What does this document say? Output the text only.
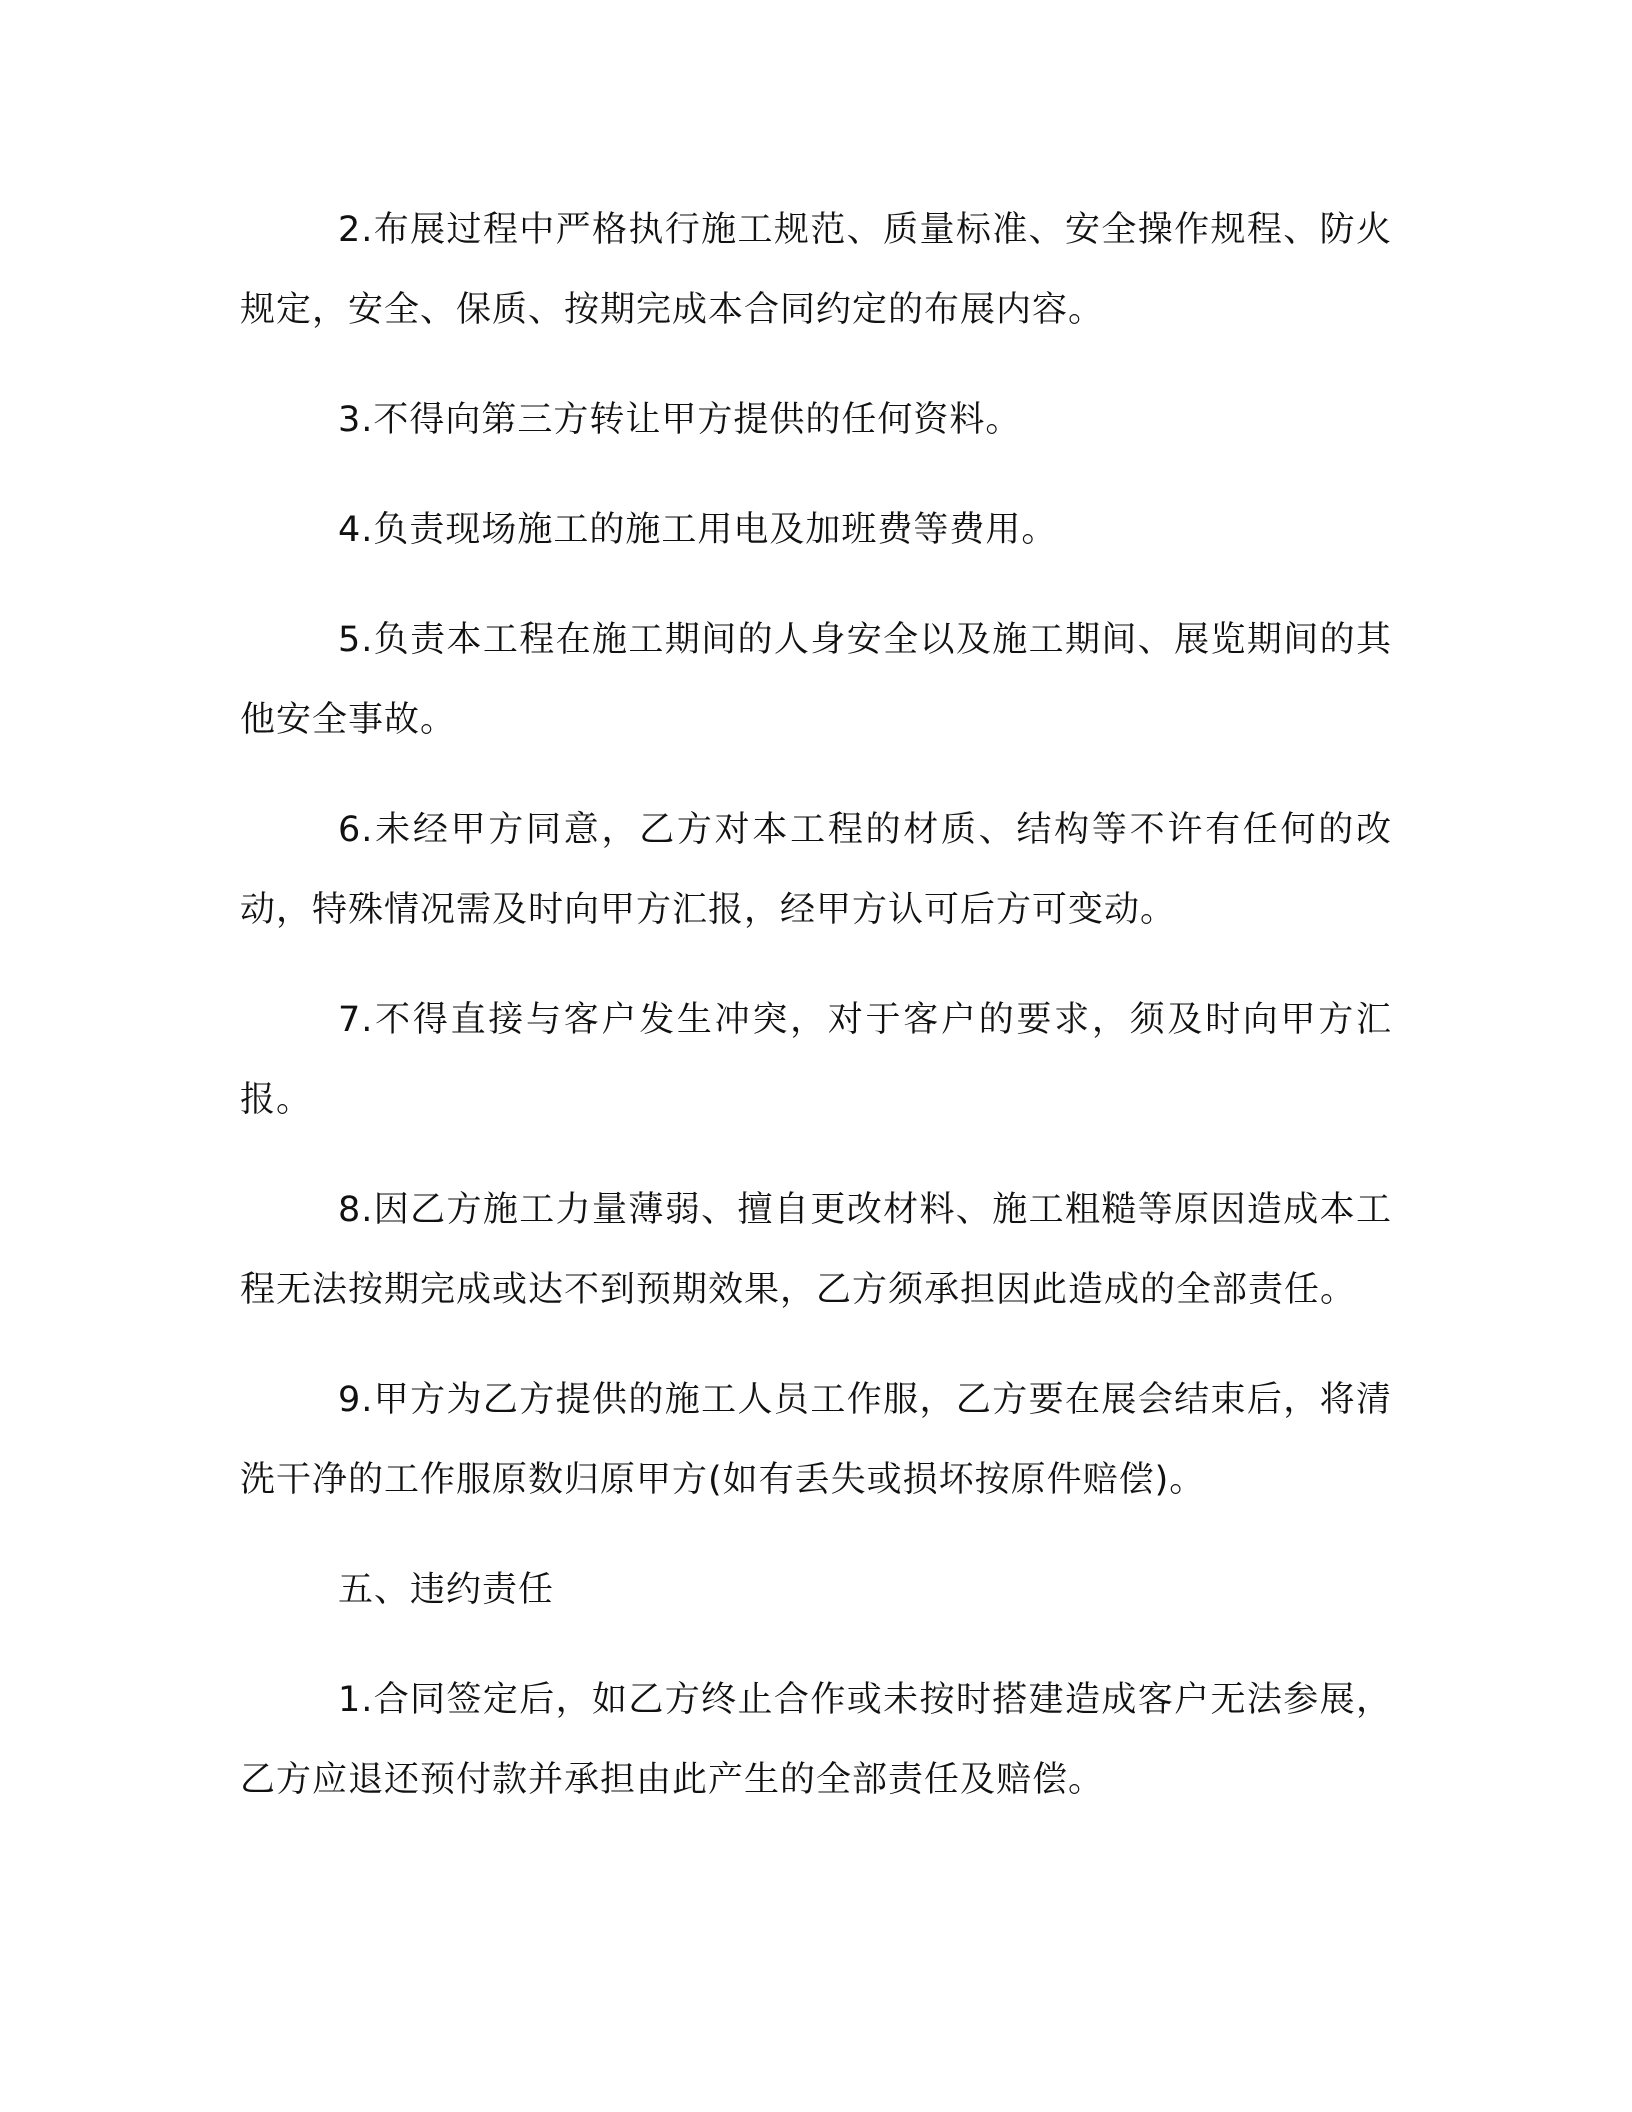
2.布展过程中严格执行施工规范、质量标准、安全操作规程、防火规定，安全、保质、按期完成本合同约定的布展内容。

3.不得向第三方转让甲方提供的任何资料。

4.负责现场施工的施工用电及加班费等费用。

5.负责本工程在施工期间的人身安全以及施工期间、展览期间的其他安全事故。

6.未经甲方同意，乙方对本工程的材质、结构等不许有任何的改动，特殊情况需及时向甲方汇报，经甲方认可后方可变动。

7.不得直接与客户发生冲突，对于客户的要求，须及时向甲方汇报。

8.因乙方施工力量薄弱、擅自更改材料、施工粗糙等原因造成本工程无法按期完成或达不到预期效果，乙方须承担因此造成的全部责任。

9.甲方为乙方提供的施工人员工作服，乙方要在展会结束后，将清洗干净的工作服原数归原甲方(如有丢失或损坏按原件赔偿)。

五、违约责任

1.合同签定后，如乙方终止合作或未按时搭建造成客户无法参展，乙方应退还预付款并承担由此产生的全部责任及赔偿。
